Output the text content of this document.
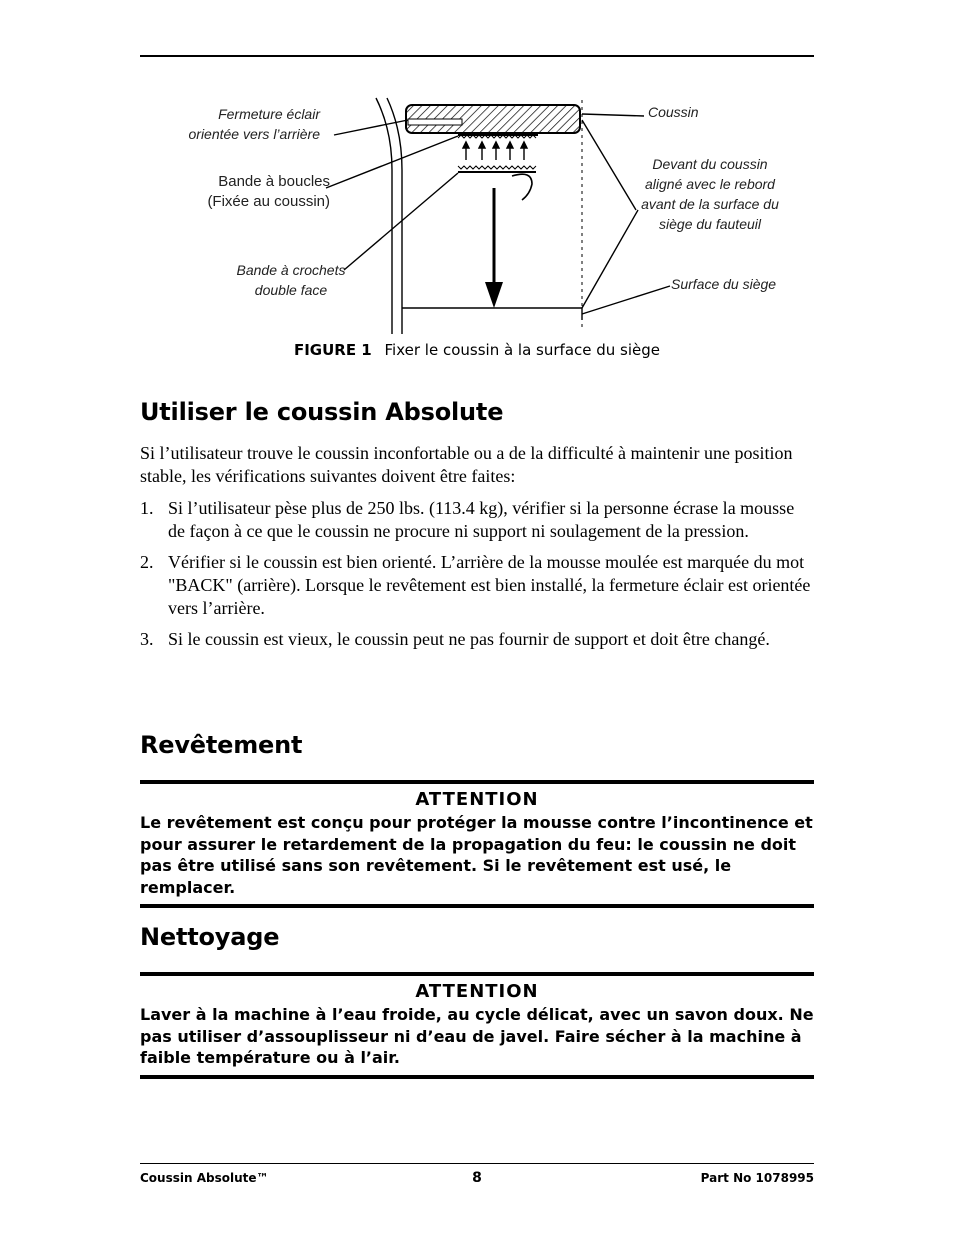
Fermeture éclair
orientée vers l’arrière
Bande à boucles
(Fixée au coussin)
Bande à crochets
double face
Coussin
Devant du coussin
aligné avec le rebord
avant de la surface du
siège du fauteuil
Surface du siège
FIGURE 1 Fixer le coussin à la surface du siège
Utiliser le coussin Absolute

Si l’utilisateur trouve le coussin inconfortable ou a de la difficulté à maintenir une position stable, les vérifications suivantes doivent être faites:

1. Si l’utilisateur pèse plus de 250 lbs. (113.4 kg), vérifier si la personne écrase la mousse de façon à ce que le coussin ne procure ni support ni soulagement de la pression.
2. Vérifier si le coussin est bien orienté. L’arrière de la mousse moulée est marquée du mot "BACK" (arrière). Lorsque le revêtement est bien installé, la fermeture éclair est orientée vers l’arrière.
3. Si le coussin est vieux, le coussin peut ne pas fournir de support et doit être changé.
Revêtement
ATTENTION

Le revêtement est conçu pour protéger la mousse contre l’incontinence et pour assurer le retardement de la propagation du feu: le coussin ne doit pas être utilisé sans son revêtement. Si le revêtement est usé, le remplacer.

Nettoyage
ATTENTION

Laver à la machine à l’eau froide, au cycle délicat, avec un savon doux. Ne pas utiliser d’assouplisseur ni d’eau de javel. Faire sécher à la machine à faible température ou à l’air.

Coussin Absolute™	8	Part No 1078995
